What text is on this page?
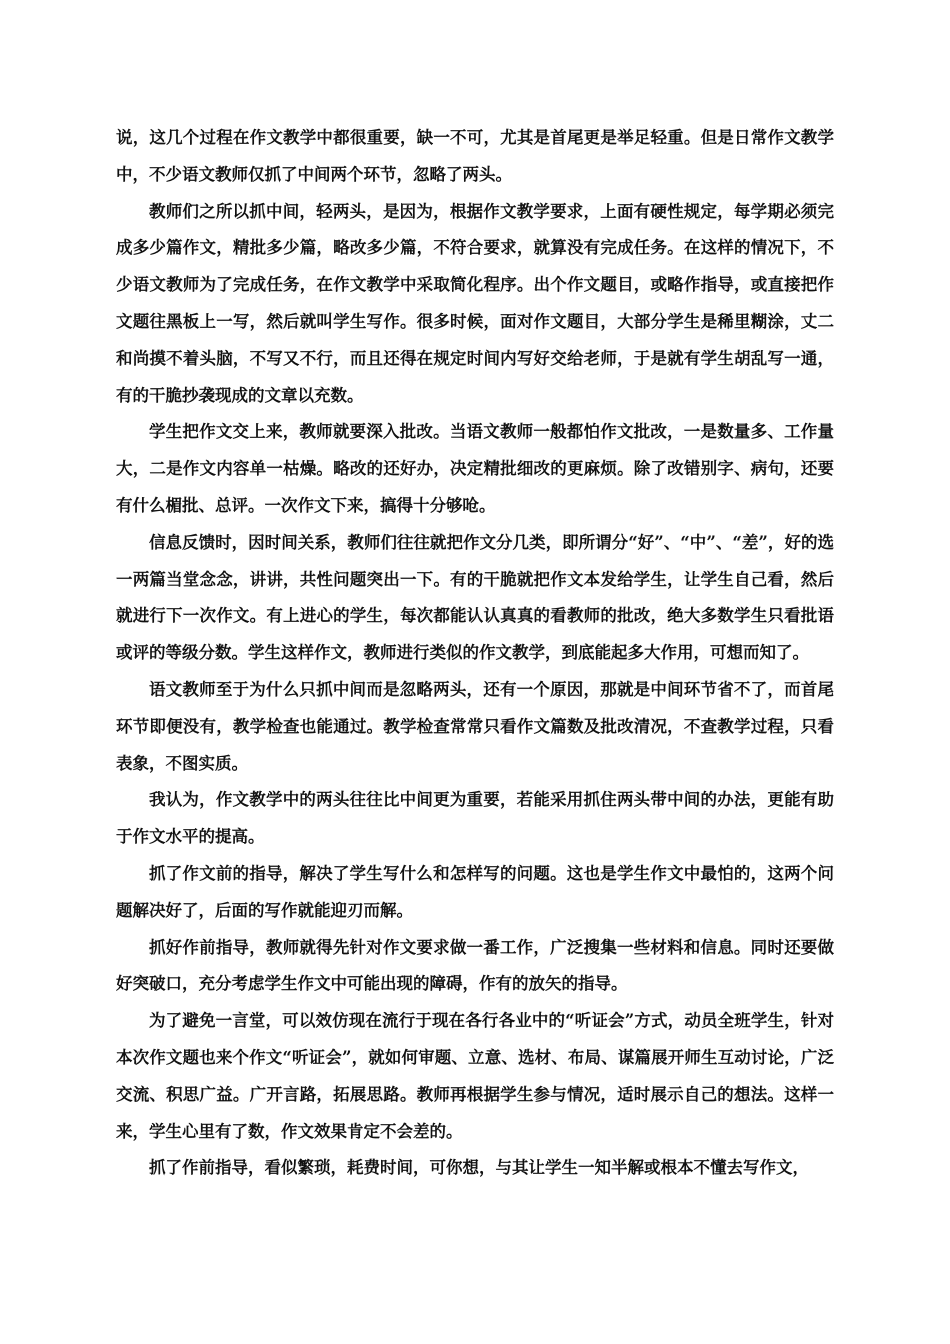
说，这几个过程在作文教学中都很重要，缺一不可，尤其是首尾更是举足轻重。但是日常作文教学中，不少语文教师仅抓了中间两个环节，忽略了两头。

教师们之所以抓中间，轻两头，是因为，根据作文教学要求，上面有硬性规定，每学期必须完成多少篇作文，精批多少篇，略改多少篇，不符合要求，就算没有完成任务。在这样的情况下，不少语文教师为了完成任务，在作文教学中采取简化程序。出个作文题目，或略作指导，或直接把作文题往黑板上一写，然后就叫学生写作。很多时候，面对作文题目，大部分学生是稀里糊涂，丈二和尚摸不着头脑，不写又不行，而且还得在规定时间内写好交给老师，于是就有学生胡乱写一通，有的干脆抄袭现成的文章以充数。

学生把作文交上来，教师就要深入批改。当语文教师一般都怕作文批改，一是数量多、工作量大，二是作文内容单一枯燥。略改的还好办，决定精批细改的更麻烦。除了改错别字、病句，还要有什么楣批、总评。一次作文下来，搞得十分够呛。

信息反馈时，因时间关系，教师们往往就把作文分几类，即所谓分“好”、“中”、“差”，好的选一两篇当堂念念，讲讲，共性问题突出一下。有的干脆就把作文本发给学生，让学生自己看，然后就进行下一次作文。有上进心的学生，每次都能认认真真的看教师的批改，绝大多数学生只看批语或评的等级分数。学生这样作文，教师进行类似的作文教学，到底能起多大作用，可想而知了。

语文教师至于为什么只抓中间而是忽略两头，还有一个原因，那就是中间环节省不了，而首尾环节即便没有，教学检查也能通过。教学检查常常只看作文篇数及批改清况，不查教学过程，只看表象，不图实质。

我认为，作文教学中的两头往往比中间更为重要，若能采用抓住两头带中间的办法，更能有助于作文水平的提高。

抓了作文前的指导，解决了学生写什么和怎样写的问题。这也是学生作文中最怕的，这两个问题解决好了，后面的写作就能迎刃而解。

抓好作前指导，教师就得先针对作文要求做一番工作，广泛搜集一些材料和信息。同时还要做好突破口，充分考虑学生作文中可能出现的障碍，作有的放矢的指导。

为了避免一言堂，可以效仿现在流行于现在各行各业中的“听证会”方式，动员全班学生，针对本次作文题也来个作文“听证会”，就如何审题、立意、选材、布局、谋篇展开师生互动讨论，广泛交流、积思广益。广开言路，拓展思路。教师再根据学生参与情况，适时展示自己的想法。这样一来，学生心里有了数，作文效果肯定不会差的。

抓了作前指导，看似繁琐，耗费时间，可你想，与其让学生一知半解或根本不懂去写作文，
